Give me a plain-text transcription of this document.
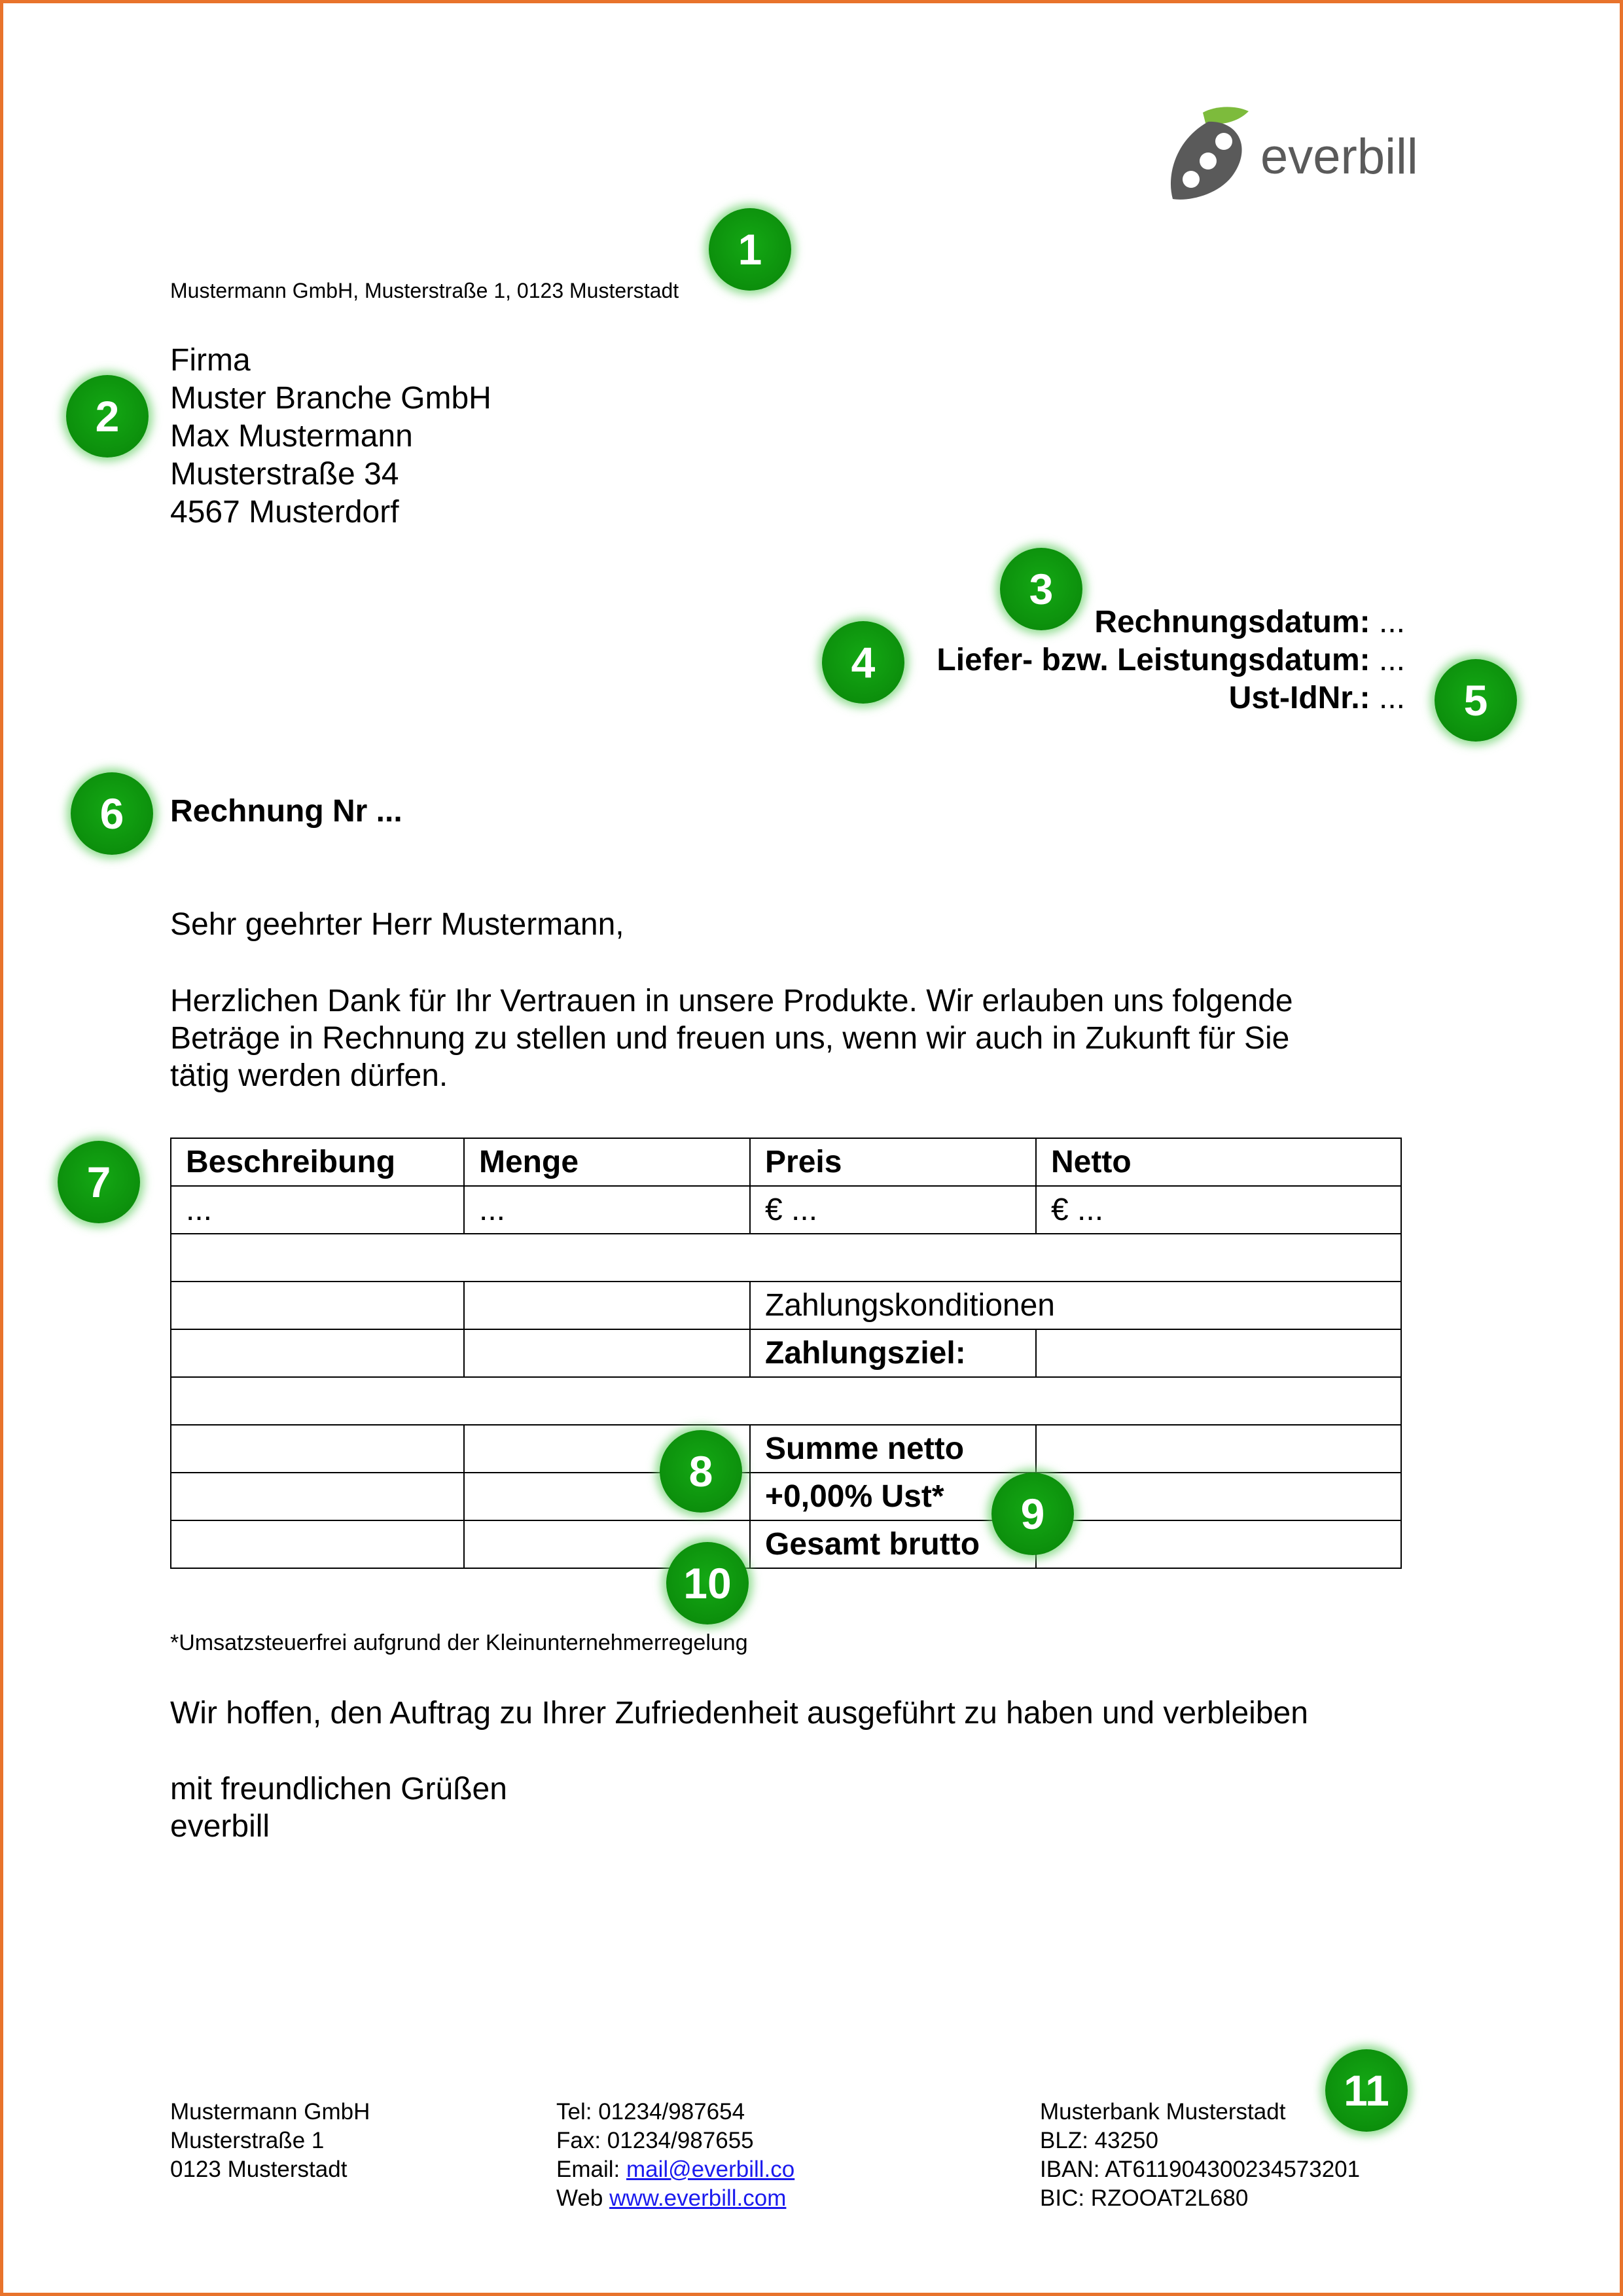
everbill
Mustermann GmbH, Musterstraße 1, 0123 Musterstadt
Firma
Muster Branche GmbH
Max Mustermann
Musterstraße 34
4567 Musterdorf
Rechnungsdatum: ...
Liefer- bzw. Leistungsdatum: ...
Ust-IdNr.: ...
Rechnung Nr ...
Sehr geehrter Herr Mustermann,
Herzlichen Dank für Ihr Vertrauen in unsere Produkte. Wir erlauben uns folgende
Beträge in Rechnung zu stellen und freuen uns, wenn wir auch in Zukunft für Sie
tätig werden dürfen.
Beschreibung	Menge	Preis	Netto
...	...	€ ...	€ ...

		Zahlungskonditionen	
		Zahlungsziel:	

		Summe netto	
		+0,00% Ust*	
		Gesamt brutto	
*Umsatzsteuerfrei aufgrund der Kleinunternehmerregelung
Wir hoffen, den Auftrag zu Ihrer Zufriedenheit ausgeführt zu haben und verbleiben
mit freundlichen Grüßen
everbill
Mustermann GmbH
Musterstraße 1
0123 Musterstadt
Tel: 01234/987654
Fax: 01234/987655
Email: mail@everbill.co
Web www.everbill.com
Musterbank Musterstadt
BLZ: 43250
IBAN: AT611904300234573201
BIC: RZOOAT2L680
1
2
3
4
5
6
7
8
9
10
11
